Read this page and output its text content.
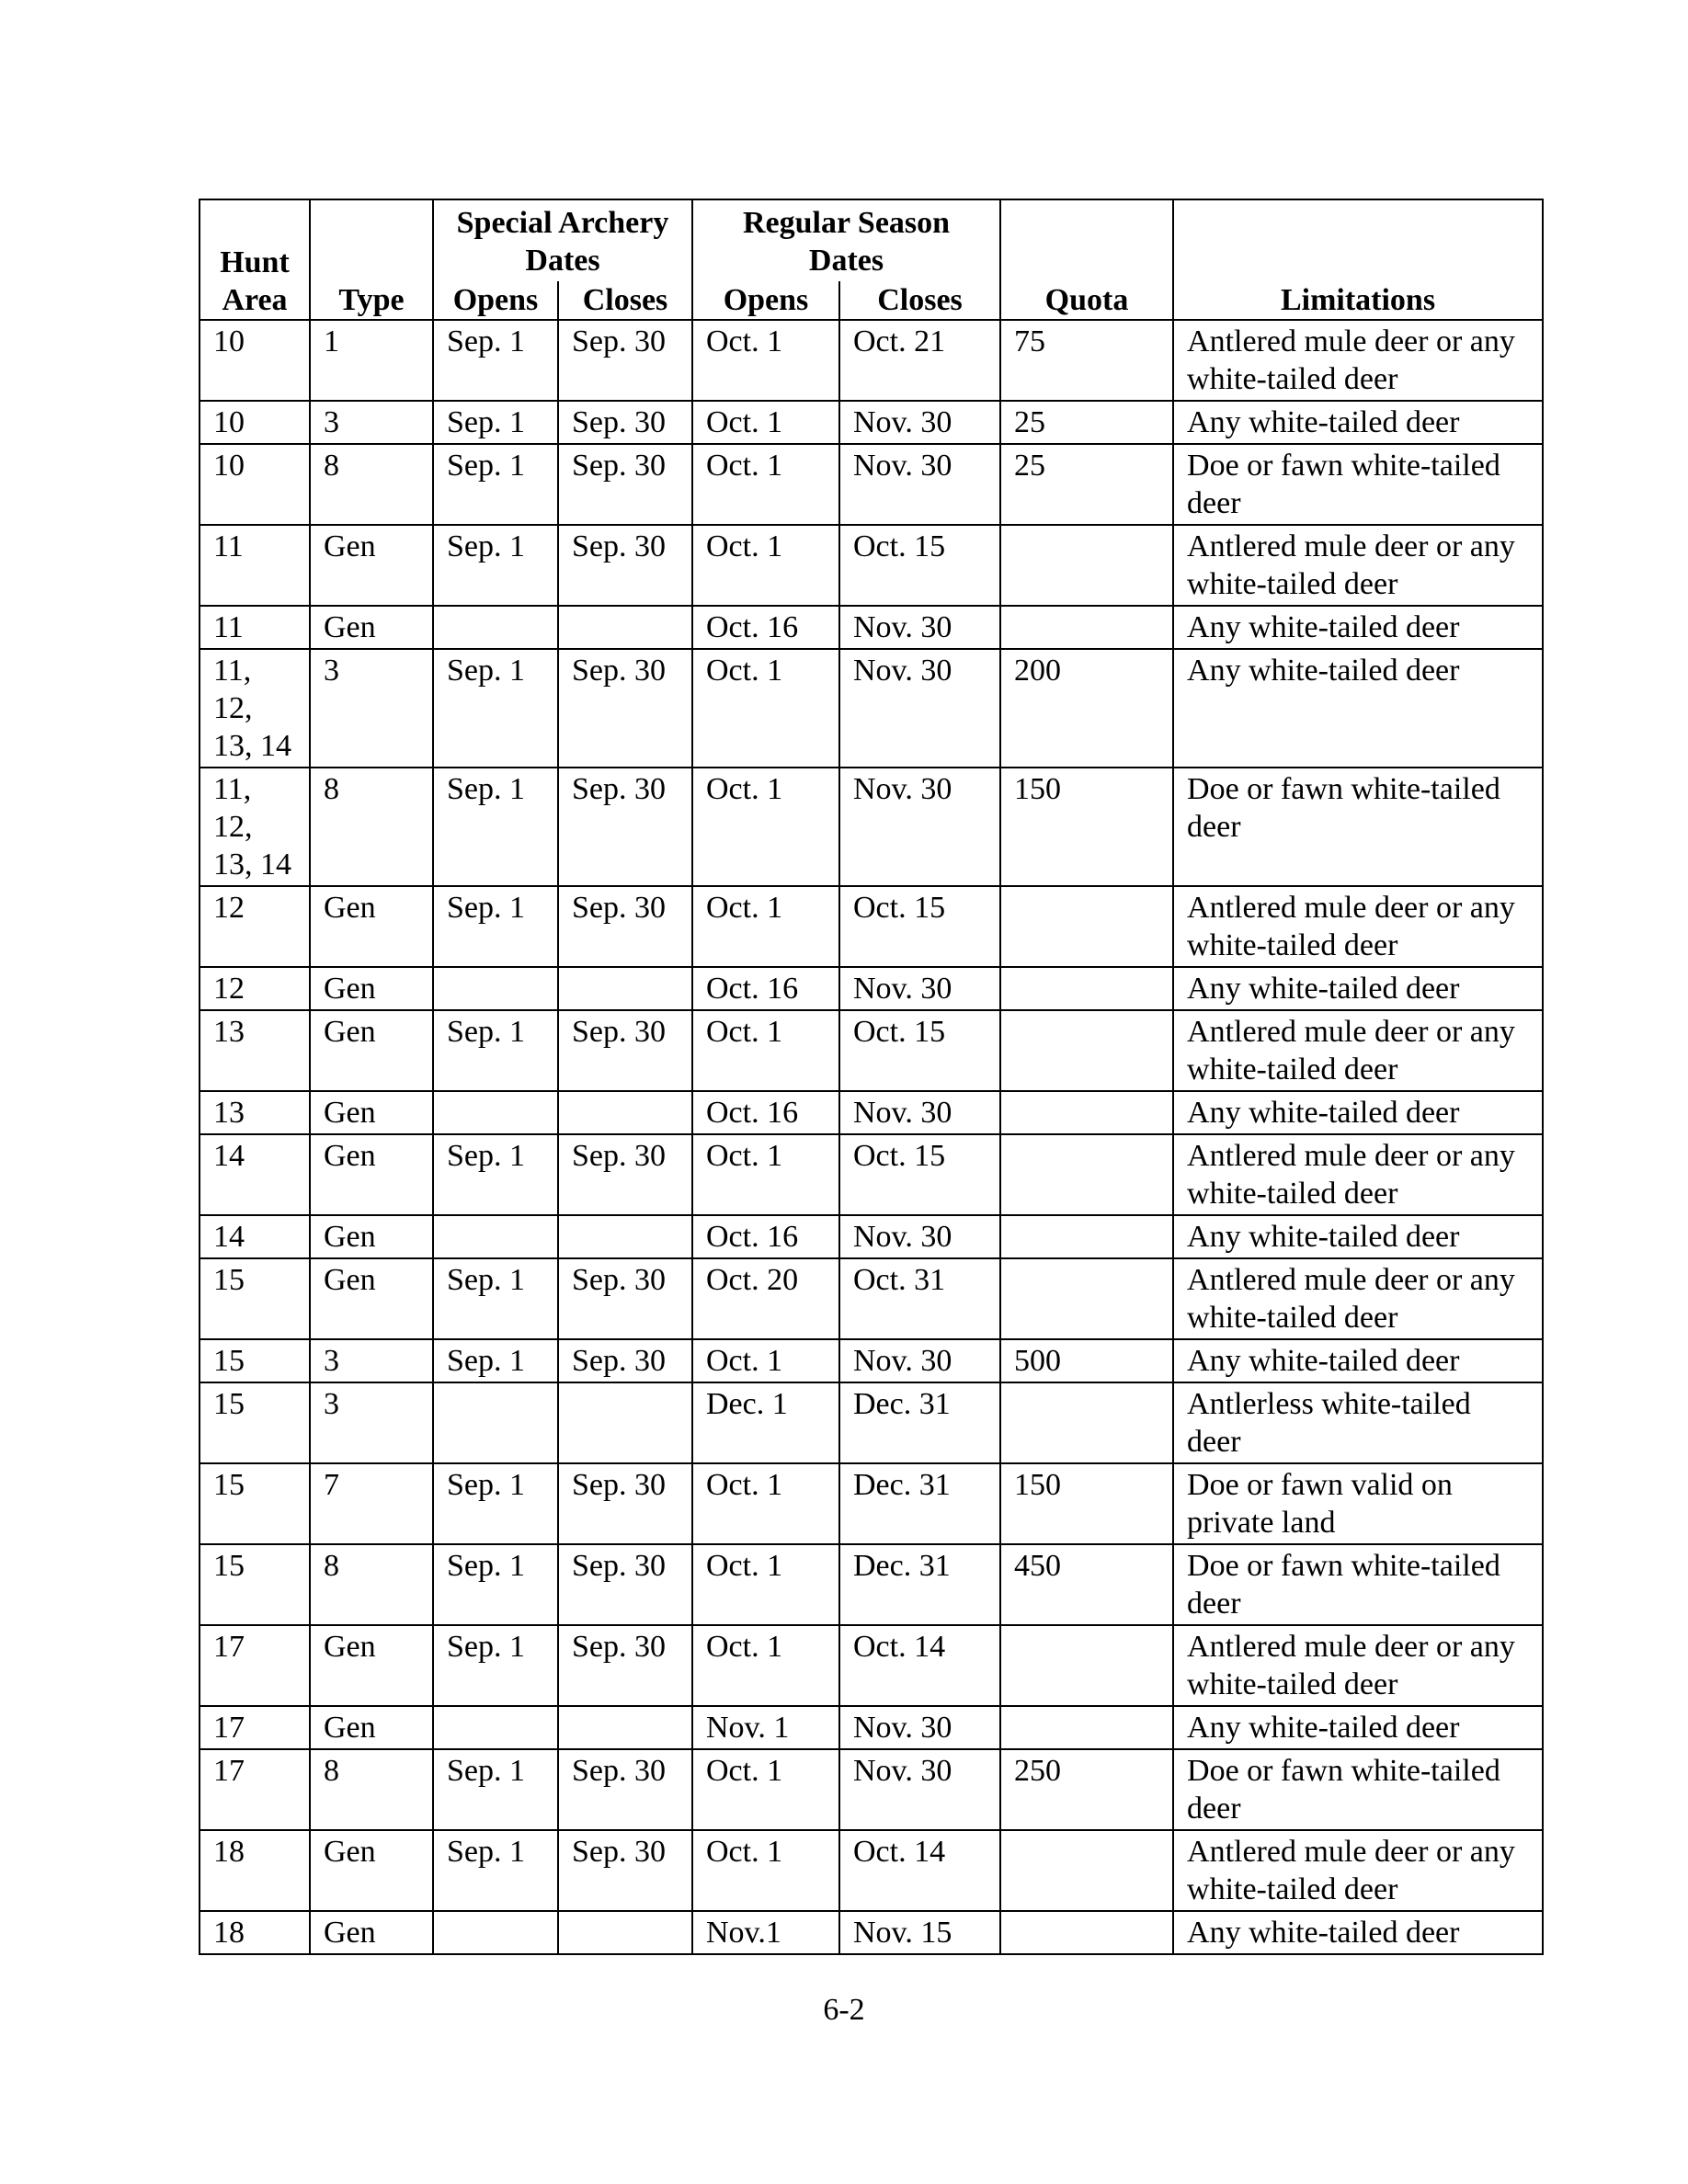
Hunt
Area	Type	Special Archery Dates		Regular Season Dates		Quota	Limitations
		Opens	Closes	Opens	Closes		
10	1	Sep. 1	Sep. 30	Oct. 1	Oct. 21	75	Antlered mule deer or any white-tailed deer
10	3	Sep. 1	Sep. 30	Oct. 1	Nov. 30	25	Any white-tailed deer
10	8	Sep. 1	Sep. 30	Oct. 1	Nov. 30	25	Doe or fawn white-tailed deer
11	Gen	Sep. 1	Sep. 30	Oct. 1	Oct. 15		Antlered mule deer or any white-tailed deer
11	Gen			Oct. 16	Nov. 30		Any white-tailed deer
11, 12, 13, 14	3	Sep. 1	Sep. 30	Oct. 1	Nov. 30	200	Any white-tailed deer
11, 12, 13, 14	8	Sep. 1	Sep. 30	Oct. 1	Nov. 30	150	Doe or fawn white-tailed deer
12	Gen	Sep. 1	Sep. 30	Oct. 1	Oct. 15		Antlered mule deer or any white-tailed deer
12	Gen			Oct. 16	Nov. 30		Any white-tailed deer
13	Gen	Sep. 1	Sep. 30	Oct. 1	Oct. 15		Antlered mule deer or any white-tailed deer
13	Gen			Oct. 16	Nov. 30		Any white-tailed deer
14	Gen	Sep. 1	Sep. 30	Oct. 1	Oct. 15		Antlered mule deer or any white-tailed deer
14	Gen			Oct. 16	Nov. 30		Any white-tailed deer
15	Gen	Sep. 1	Sep. 30	Oct. 20	Oct. 31		Antlered mule deer or any white-tailed deer
15	3	Sep. 1	Sep. 30	Oct. 1	Nov. 30	500	Any white-tailed deer
15	3			Dec. 1	Dec. 31		Antlerless white-tailed deer
15	7	Sep. 1	Sep. 30	Oct. 1	Dec. 31	150	Doe or fawn valid on private land
15	8	Sep. 1	Sep. 30	Oct. 1	Dec. 31	450	Doe or fawn white-tailed deer
17	Gen	Sep. 1	Sep. 30	Oct. 1	Oct. 14		Antlered mule deer or any white-tailed deer
17	Gen			Nov. 1	Nov. 30		Any white-tailed deer
17	8	Sep. 1	Sep. 30	Oct. 1	Nov. 30	250	Doe or fawn white-tailed deer
18	Gen	Sep. 1	Sep. 30	Oct. 1	Oct. 14		Antlered mule deer or any white-tailed deer
18	Gen			Nov.1	Nov. 15		Any white-tailed deer
6-2
